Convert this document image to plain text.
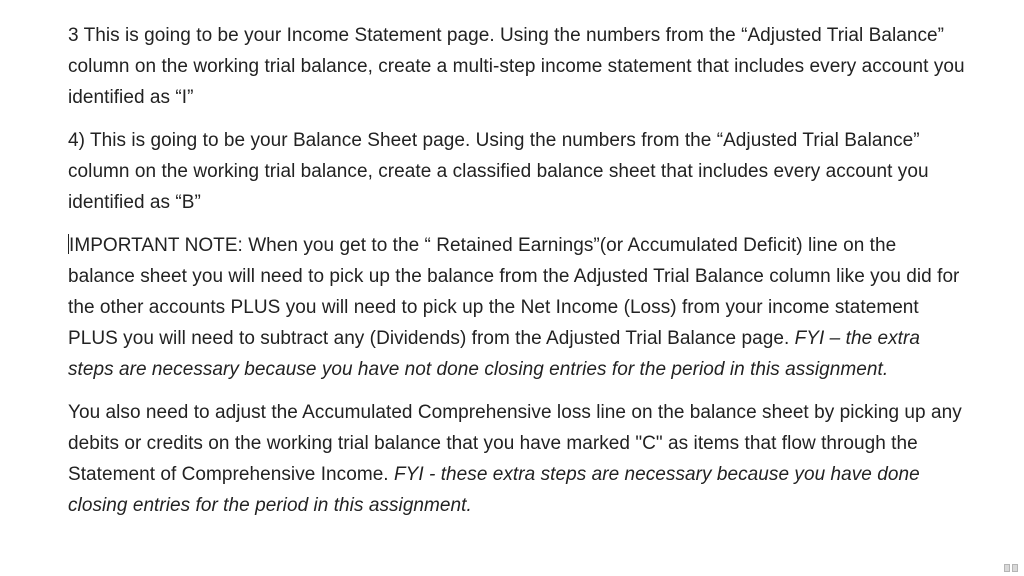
3 This is going to be your Income Statement page. Using the numbers from the “Adjusted Trial Balance” column on the working trial balance, create a multi-step income statement that includes every account you identified as “I”

4) This is going to be your Balance Sheet page. Using the numbers from the “Adjusted Trial Balance” column on the working trial balance, create a classified balance sheet that includes every account you identified as “B”

IMPORTANT NOTE: When you get to the “ Retained Earnings”(or Accumulated Deficit) line on the balance sheet you will need to pick up the balance from the Adjusted Trial Balance column like you did for the other accounts PLUS you will need to pick up the Net Income (Loss) from your income statement PLUS you will need to subtract any (Dividends) from the Adjusted Trial Balance page. FYI – the extra steps are necessary because you have not done closing entries for the period in this assignment.

You also need to adjust the Accumulated Comprehensive loss line on the balance sheet by picking up any debits or credits on the working trial balance that you have marked "C" as items that flow through the Statement of Comprehensive Income. FYI - these extra steps are necessary because you have done closing entries for the period in this assignment.
